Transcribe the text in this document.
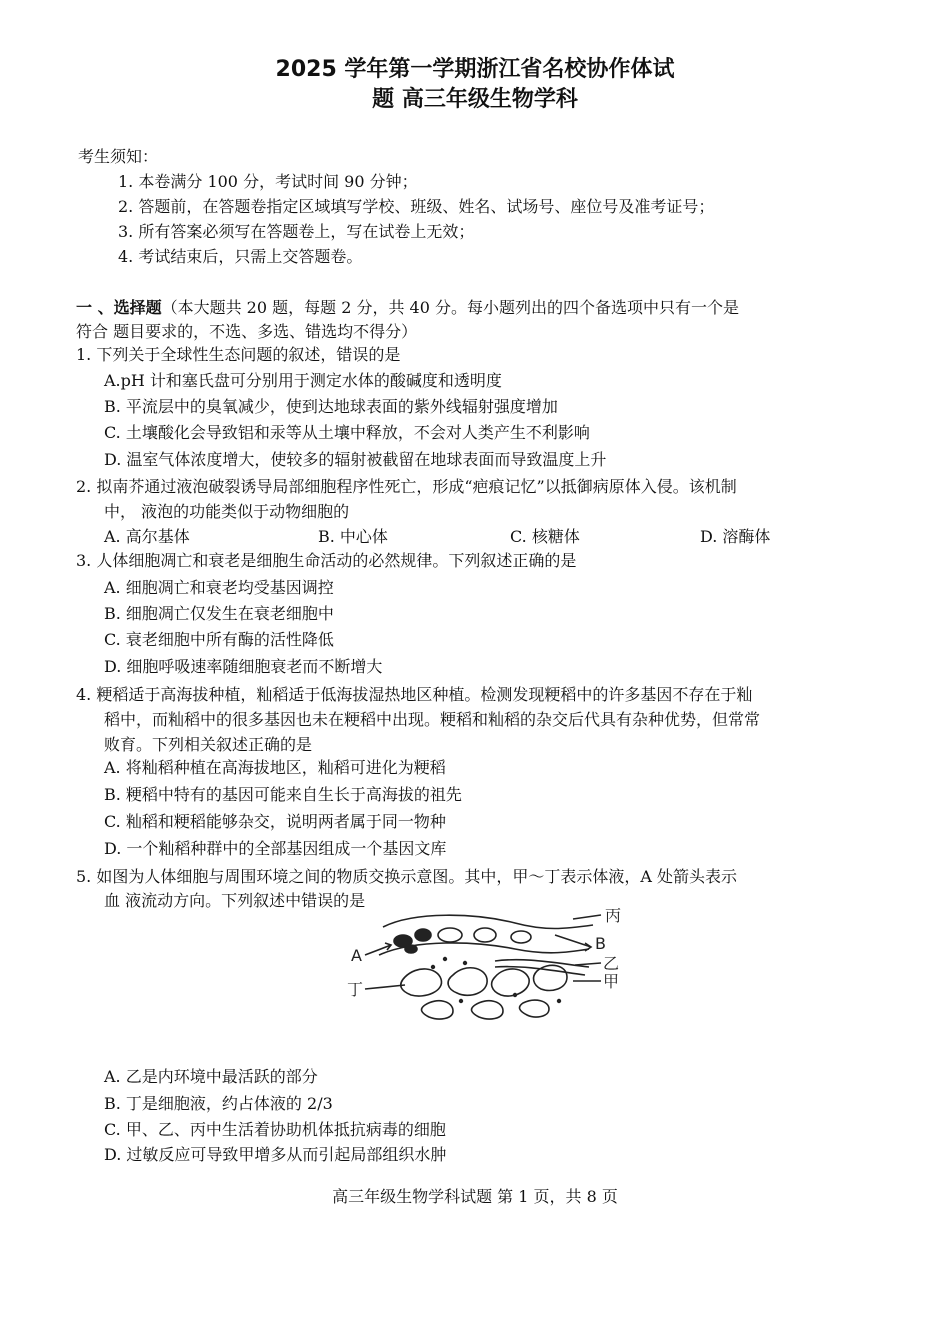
2025 学年第一学期浙江省名校协作体试
题 高三年级生物学科
考生须知：
1. 本卷满分 100 分，考试时间 90 分钟；
2. 答题前，在答题卷指定区域填写学校、班级、姓名、试场号、座位号及准考证号；
3. 所有答案必须写在答题卷上，写在试卷上无效；
4. 考试结束后，只需上交答题卷。
一 、选择题（本大题共 20 题，每题 2 分，共 40 分。每小题列出的四个备选项中只有一个是
符合 题目要求的，不选、多选、错选均不得分）
1. 下列关于全球性生态问题的叙述，错误的是
A.pH 计和塞氏盘可分别用于测定水体的酸碱度和透明度
B. 平流层中的臭氧减少，使到达地球表面的紫外线辐射强度增加
C. 土壤酸化会导致铝和汞等从土壤中释放，不会对人类产生不利影响
D. 温室气体浓度增大，使较多的辐射被截留在地球表面而导致温度上升
2. 拟南芥通过液泡破裂诱导局部细胞程序性死亡，形成“疤痕记忆”以抵御病原体入侵。该机制
中， 液泡的功能类似于动物细胞的
A. 高尔基体	B. 中心体	C. 核糖体	D. 溶酶体
3. 人体细胞凋亡和衰老是细胞生命活动的必然规律。下列叙述正确的是
A. 细胞凋亡和衰老均受基因调控
B. 细胞凋亡仅发生在衰老细胞中
C. 衰老细胞中所有酶的活性降低
D. 细胞呼吸速率随细胞衰老而不断增大
4. 粳稻适于高海拔种植，籼稻适于低海拔湿热地区种植。检测发现粳稻中的许多基因不存在于籼
稻中，而籼稻中的很多基因也未在粳稻中出现。粳稻和籼稻的杂交后代具有杂种优势，但常常
败育。下列相关叙述正确的是
A. 将籼稻种植在高海拔地区，籼稻可进化为粳稻
B. 粳稻中特有的基因可能来自生长于高海拔的祖先
C. 籼稻和粳稻能够杂交，说明两者属于同一物种
D. 一个籼稻种群中的全部基因组成一个基因文库
5. 如图为人体细胞与周围环境之间的物质交换示意图。其中，甲～丁表示体液，A 处箭头表示
血 液流动方向。下列叙述中错误的是
A
B
丙
乙
甲
丁
A. 乙是内环境中最活跃的部分
B. 丁是细胞液，约占体液的 2/3
C. 甲、乙、丙中生活着协助机体抵抗病毒的细胞
D. 过敏反应可导致甲增多从而引起局部组织水肿
高三年级生物学科试题 第 1 页，共 8 页
